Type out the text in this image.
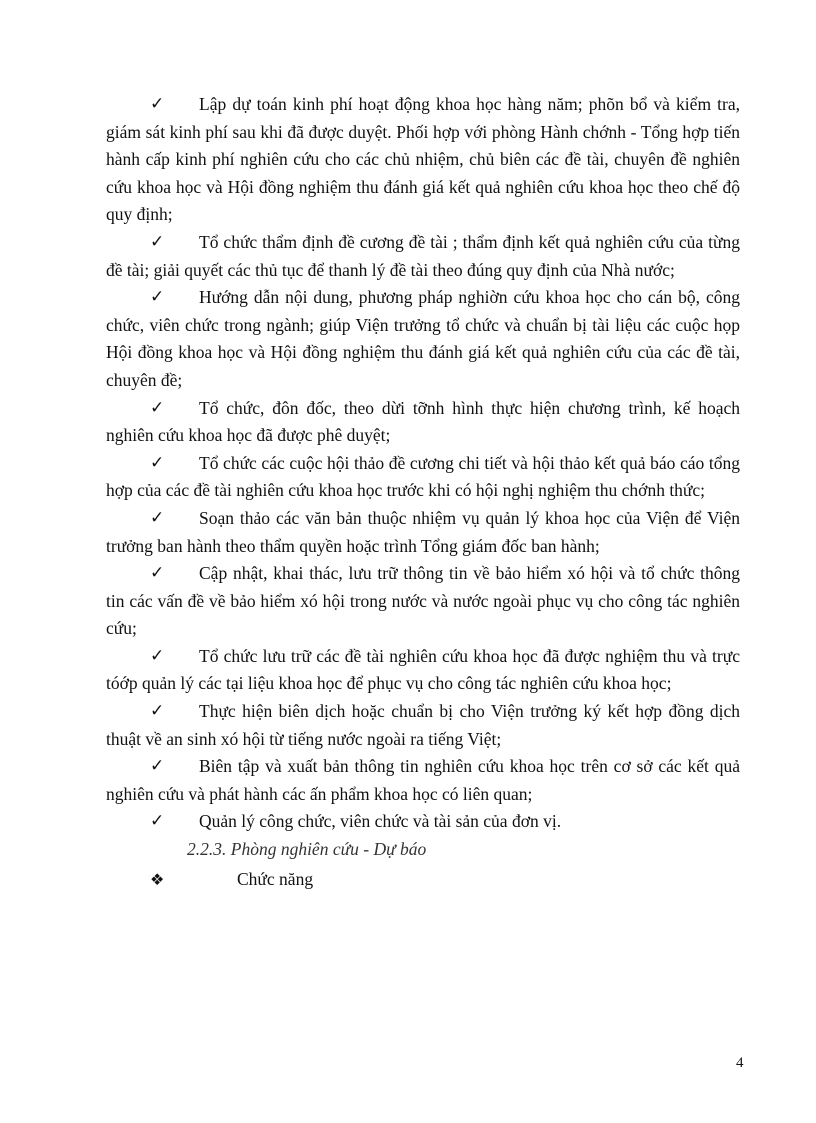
✓ Lập dự toán kinh phí hoạt động khoa học hàng năm; phõn bổ và kiểm tra, giám sát kinh phí sau khi đã được duyệt. Phối hợp với phòng Hành chớnh - Tổng hợp tiến hành cấp kinh phí nghiên cứu cho các chủ nhiệm, chủ biên các đề tài, chuyên đề nghiên cứu khoa học và Hội đồng nghiệm thu đánh giá kết quả nghiên cứu khoa học theo chế độ quy định;

✓ Tổ chức thẩm định đề cương đề tài ; thẩm định kết quả nghiên cứu của từng đề tài; giải quyết các thủ tục để thanh lý đề tài theo đúng quy định của Nhà nước;

✓ Hướng dẫn nội dung, phương pháp nghiờn cứu khoa học cho cán bộ, công chức, viên chức trong ngành; giúp Viện trưởng tổ chức và chuẩn bị tài liệu các cuộc họp Hội đồng khoa học và Hội đồng nghiệm thu đánh giá kết quả nghiên cứu của các đề tài, chuyên đề;

✓ Tổ chức, đôn đốc, theo dừi tỡnh hình thực hiện chương trình, kế hoạch nghiên cứu khoa học đã được phê duyệt;

✓ Tổ chức các cuộc hội thảo đề cương chi tiết và hội thảo kết quả báo cáo tổng hợp của các đề tài nghiên cứu khoa học trước khi có hội nghị nghiệm thu chớnh thức;

✓ Soạn thảo các văn bản thuộc nhiệm vụ quản lý khoa học của Viện để Viện trưởng ban hành theo thẩm quyền hoặc trình Tổng giám đốc ban hành;

✓ Cập nhật, khai thác, lưu trữ thông tin về bảo hiểm xó hội và tổ chức thông tin các vấn đề về bảo hiểm xó hội trong nước và nước ngoài phục vụ cho công tác nghiên cứu;

✓ Tổ chức lưu trữ các đề tài nghiên cứu khoa học đã được nghiệm thu và trực tóớp quản lý các tại liệu khoa học để phục vụ cho công tác nghiên cứu khoa học;

✓ Thực hiện biên dịch hoặc chuẩn bị cho Viện trưởng ký kết hợp đồng dịch thuật về an sinh xó hội từ tiếng nước ngoài ra tiếng Việt;

✓ Biên tập và xuất bản thông tin nghiên cứu khoa học trên cơ sở các kết quả nghiên cứu và phát hành các ấn phẩm khoa học có liên quan;

✓ Quản lý công chức, viên chức và tài sản của đơn vị.

2.2.3. Phòng nghiên cứu - Dự báo

❖	Chức năng

4
